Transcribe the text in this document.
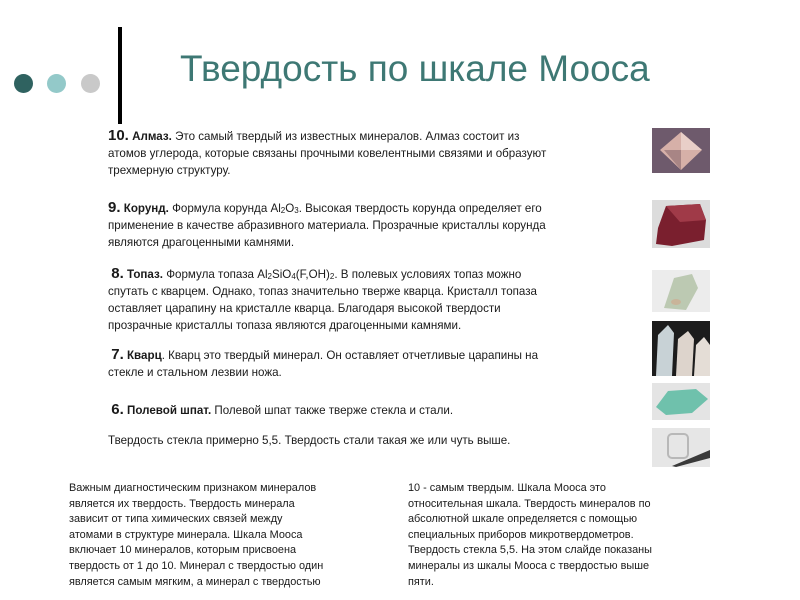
Твердость по шкале Мооса
10. Алмаз. Это самый твердый из известных минералов. Алмаз состоит из
атомов углерода, которые связаны прочными ковелентными связями и образуют
трехмерную структуру.
9. Корунд. Формула корунда $Al_2O_3$. Высокая твердость корунда определяет его
применение в качестве абразивного материала. Прозрачные кристаллы корунда
являются драгоценными камнями.
8. Топаз. Формула топаза $Al_2SiO_4(F,OH)_2$. В полевых условиях топаз можно
спутать с кварцем. Однако, топаз значительно тверже кварца. Кристалл топаза
оставляет царапину на кристалле кварца. Благодаря высокой твердости
прозрачные кристаллы топаза являются драгоценными камнями.
7. Кварц. Кварц это твердый минерал. Он оставляет отчетливые царапины на
стекле и стальном лезвии ножа.
6. Полевой шпат. Полевой шпат также тверже стекла и стали.
Твердость стекла примерно 5,5. Твердость стали такая же или чуть выше.
Важным диагностическим признаком минералов
является их твердость. Твердость минерала
зависит от типа химических связей между
атомами в структуре минерала. Шкала Мооса
включает 10 минералов, которым присвоена
твердость от 1 до 10. Минерал с твердостью один
является самым мягким, а минерал с твердостью
10 - самым твердым. Шкала Мооса это
относительная шкала. Твердость минералов по
абсолютной шкале определяется с помощью
специальных приборов микротвердометров.
Твердость стекла 5,5. На этом слайде показаны
минералы из шкалы Мооса с твердостью выше
пяти.
